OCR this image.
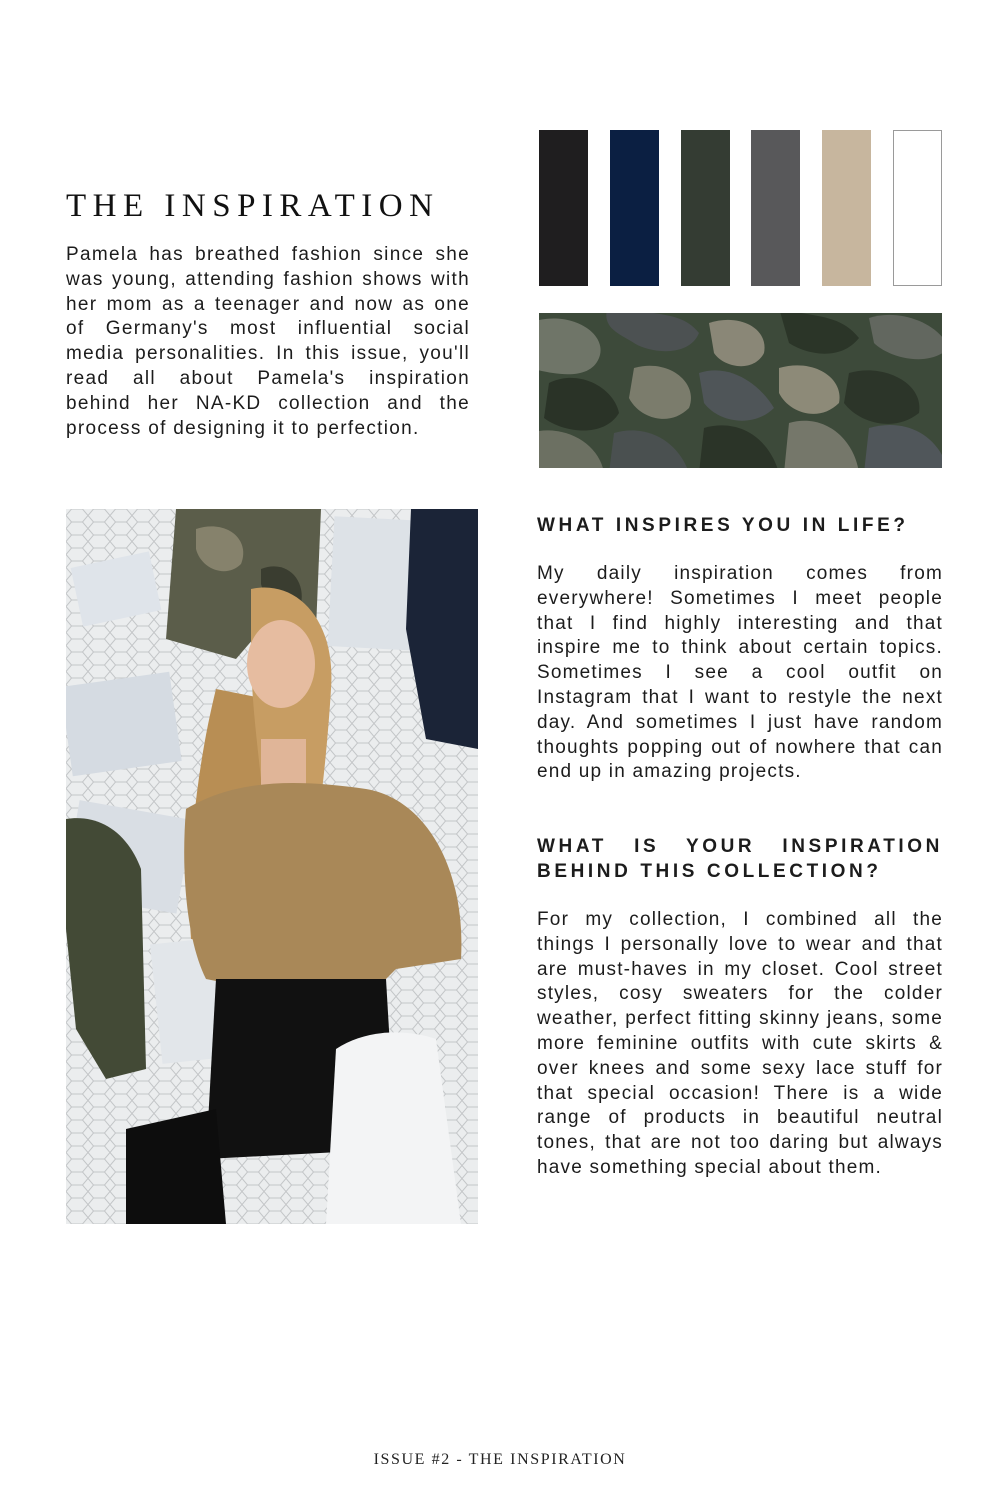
THE INSPIRATION

Pamela has breathed fashion since she was young, attending fashion shows with her mom as a teenager and now as one of Germany's most influential social media personalities. In this issue, you'll read all about Pamela's inspiration behind her NA-KD collection and the process of designing it to perfection.

WHAT INSPIRES YOU IN LIFE?

My daily inspiration comes from everywhere! Sometimes I meet people that I find highly interesting and that inspire me to think about certain topics. Sometimes I see a cool outfit on Instagram that I want to restyle the next day. And sometimes I just have random thoughts popping out of nowhere that can end up in amazing projects.

WHAT IS YOUR INSPIRATION BEHIND THIS COLLECTION?

For my collection, I combined all the things I personally love to wear and that are must-haves in my closet. Cool street styles, cosy sweaters for the colder weather, perfect fitting skinny jeans, some more feminine outfits with cute skirts & over knees and some sexy lace stuff for that special occasion! There is a wide range of products in beautiful neutral tones, that are not too daring but always have something special about them.

ISSUE #2 - THE INSPIRATION
